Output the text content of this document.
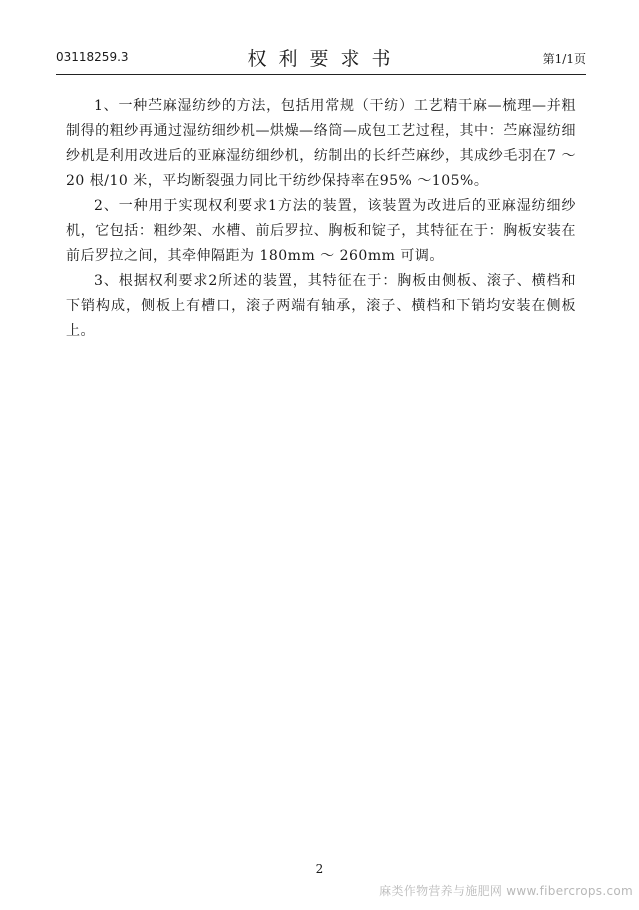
03118259.3	权利要求书	第1/1页

1、一种苎麻湿纺纱的方法，包括用常规（干纺）工艺精干麻—梳理—并粗制得的粗纱再通过湿纺细纱机—烘燥—络筒—成包工艺过程，其中：苎麻湿纺细纱机是利用改进后的亚麻湿纺细纱机，纺制出的长纤苎麻纱，其成纱毛羽在7 ～20 根/10 米，平均断裂强力同比干纺纱保持率在95% ～105%。

2、一种用于实现权利要求1方法的装置，该装置为改进后的亚麻湿纺细纱机，它包括：粗纱架、水槽、前后罗拉、胸板和锭子，其特征在于：胸板安装在前后罗拉之间，其牵伸隔距为 180mm ～ 260mm 可调。

3、根据权利要求2所述的装置，其特征在于：胸板由侧板、滚子、横档和下销构成，侧板上有槽口，滚子两端有轴承，滚子、横档和下销均安装在侧板上。

2
麻类作物营养与施肥网 www.fibercrops.com
